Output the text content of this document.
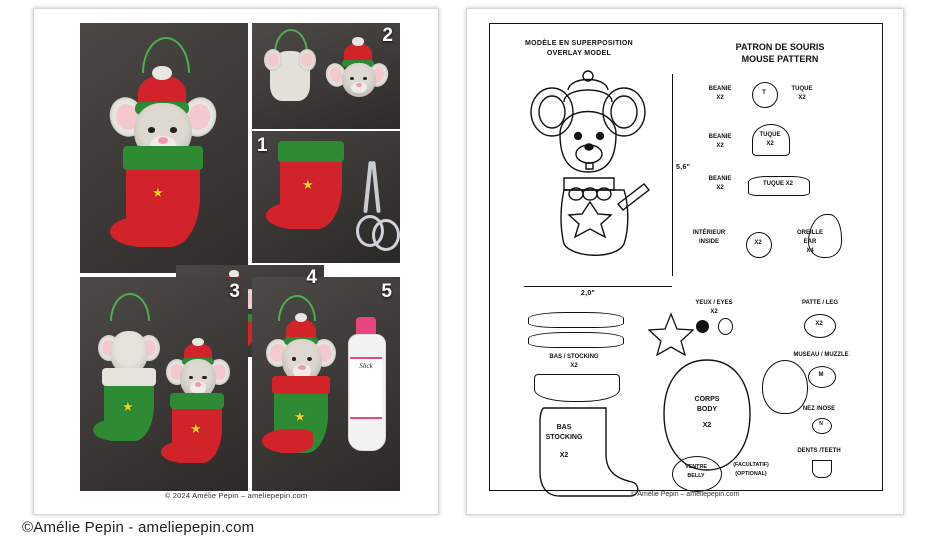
★
1
2
★
4
3
★
★
5
★
Slick
© 2024 Amélie Pepin – ameliepepin.com
MODÈLE EN SUPERPOSITION
OVERLAY MODEL
PATRON DE SOURIS
MOUSE PATTERN
5,6"
2,0"
BEANIE
X2
T
TUQUE
X2
BEANIE
X2
TUQUE
X2
BEANIE
X2
TUQUE X2
INTÉRIEUR
INSIDE	X2
OREILLE
EAR
X4
YEUX / EYES
X2
PATTE / LEG
X2
MUSEAU / MUZZLE
M
NEZ /NOSE
N
DENTS /TEETH
BAS / STOCKING
X2
BAS
STOCKING
X2
CORPS
BODY
X2
VENTRE
BELLY
(FACULTATIF)
(OPTIONAL)
© Amélie Pepin – ameliepepin.com
©Amélie Pepin - ameliepepin.com
